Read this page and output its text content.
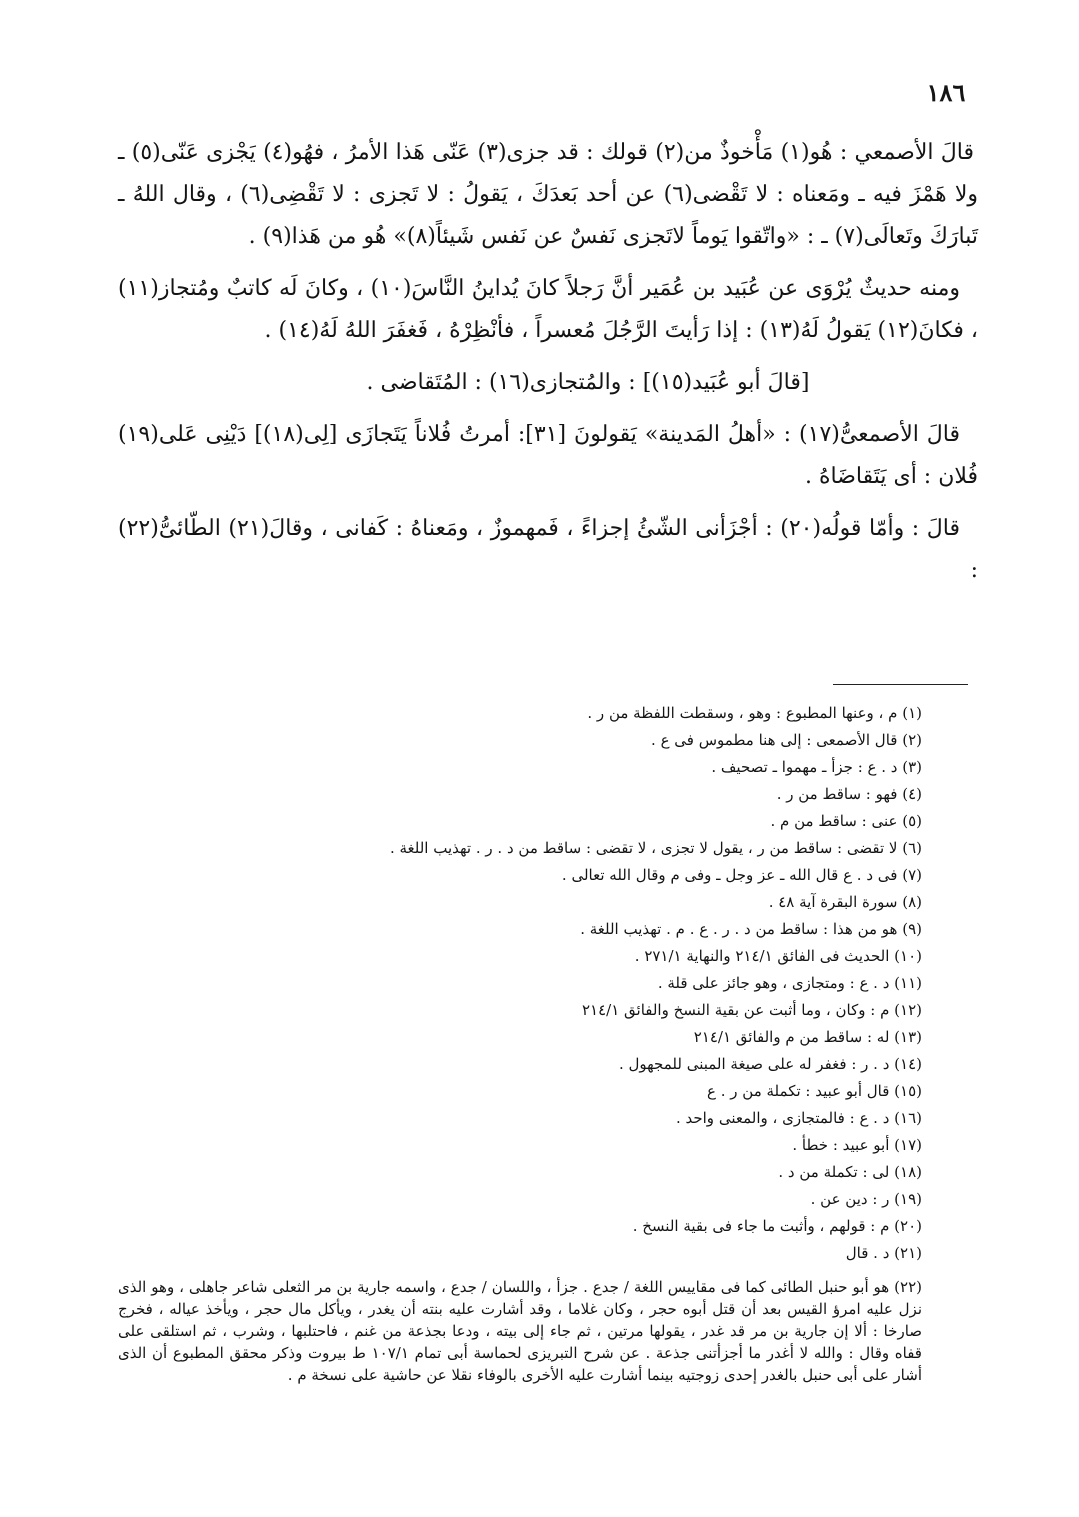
١٨٦

قالَ الأصمعي : هُو(١) مَأْخوذٌ من(٢) قولك : قد جزى(٣) عَنّى هَذا الأمرُ ، فهُو(٤) يَجْزى عَنّى(٥) ـ ولا هَمْزَ فيه ـ ومَعناه : لا تَقْضى(٦) عن أحد بَعدَكَ ، يَقولُ : لا تَجزى : لا تَقْضِى(٦) ، وقال اللهُ ـ تَبارَكَ وتَعالَى(٧) ـ : «واتّقوا يَوماً لاتَجزى نَفسٌ عن نَفس شَيئاً(٨)» هُو من هَذا(٩) .

ومنه حديثٌ يُرْوَى عن عُبَيد بن عُمَير أنَّ رَجلاً كانَ يُداينُ النَّاسَ(١٠) ، وكانَ لَه كاتبٌ ومُتجاز(١١) ، فكانَ(١٢) يَقولُ لَهُ(١٣) : إذا رَأيتَ الرَّجُلَ مُعسراً ، فأنْظِرْهُ ، فَغفَرَ اللهُ لَهُ(١٤) .

[قالَ أبو عُبَيد(١٥)] : والمُتجازى(١٦) : المُتَقاضى .

قالَ الأصمعىُّ(١٧) : «أهلُ المَدينة» يَقولونَ [٣١]: أمرتُ فُلاناً يَتَجازَى [لِى(١٨)] دَيْنِى عَلى(١٩) فُلان : أى يَتَقاضَاهُ .

قالَ : وأمّا قولُه(٢٠) : أجْزَأنى الشّئُ إجزاءً ، فَمهموزٌ ، ومَعناهُ : كَفانى ، وقالَ(٢١) الطّائىُّ(٢٢) :

(١) م ، وعنها المطبوع : وهو ، وسقطت اللفظة من ر .
(٢) قال الأصمعى : إلى هنا مطموس فى ع .
(٣) د . ع : جزأ ـ مهموا ـ تصحيف .
(٤) فهو : ساقط من ر .
(٥) عنى : ساقط من م .
(٦) لا تقضى : ساقط من ر ، يقول لا تجزى ، لا تقضى : ساقط من د . ر . تهذيب اللغة .
(٧) فى د . ع قال الله ـ عز وجل ـ وفى م وقال الله تعالى .
(٨) سورة البقرة آية ٤٨ .
(٩) هو من هذا : ساقط من د . ر . ع . م . تهذيب اللغة .
(١٠) الحديث فى الفائق ٢١٤/١ والنهاية ٢٧١/١ .
(١١) د . ع : ومتجازى ، وهو جائز على قلة .
(١٢) م : وكان ، وما أثبت عن بقية النسخ والفائق ٢١٤/١
(١٣) له : ساقط من م والفائق ٢١٤/١
(١٤) د . ر : فغفر له على صيغة المبنى للمجهول .
(١٥) قال أبو عبيد : تكملة من ر . ع
(١٦) د . ع : فالمتجازى ، والمعنى واحد .
(١٧) أبو عبيد : خطأ .
(١٨) لى : تكملة من د .
(١٩) ر : دين عن .
(٢٠) م : قولهم ، وأثبت ما جاء فى بقية النسخ .
(٢١) د . قال
(٢٢) هو أبو حنبل الطائى كما فى مقاييس اللغة / جدع . جزأ ، واللسان / جدع ، واسمه جارية بن مر الثعلى شاعر جاهلى ، وهو الذى نزل عليه امرؤ القيس بعد أن قتل أبوه حجر ، وكان غلاما ، وقد أشارت عليه بنته أن يغدر ، ويأكل مال حجر ، ويأخذ عياله ، فخرج صارخا : ألا إن جارية بن مر قد غدر ، يقولها مرتين ، ثم جاء إلى بيته ، ودعا بجذعة من غنم ، فاحتلبها ، وشرب ، ثم استلقى على قفاه وقال : والله لا أغدر ما أجزأتنى جذعة . عن شرح التبريزى لحماسة أبى تمام ١٠٧/١ ط بيروت وذكر محقق المطبوع أن الذى أشار على أبى حنبل بالغدر إحدى زوجتيه بينما أشارت عليه الأخرى بالوفاء نقلا عن حاشية على نسخة م .
